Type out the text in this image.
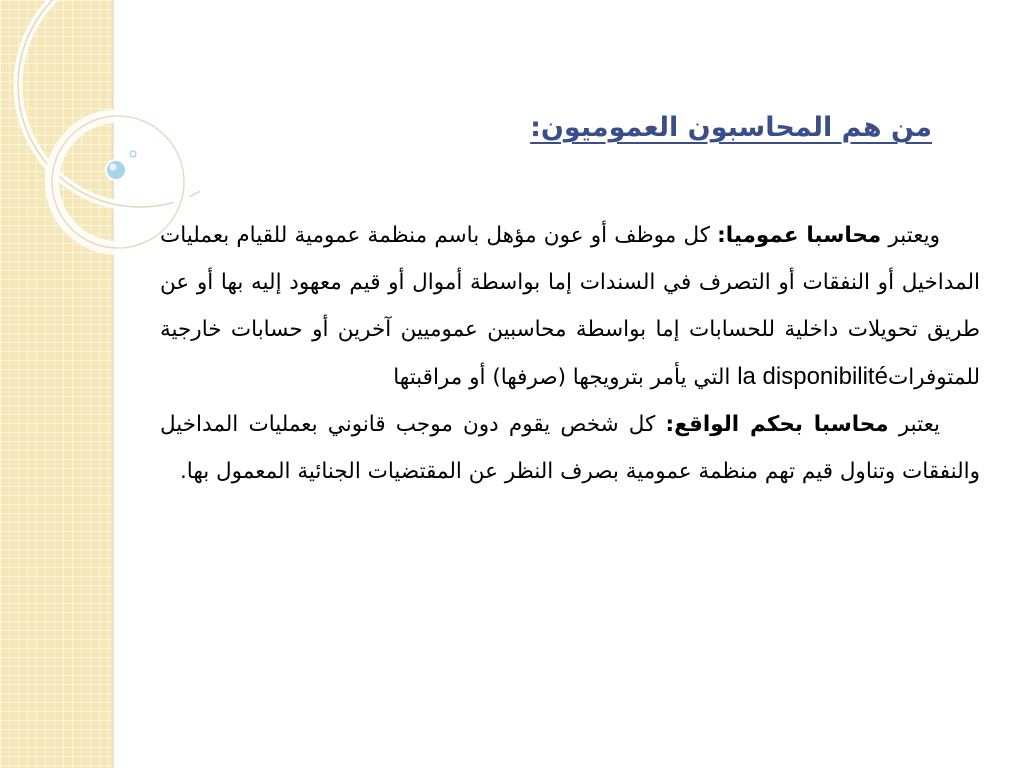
من هم المحاسبون العموميون:

ويعتبر محاسبا عموميا: كل موظف أو عون مؤهل باسم منظمة عمومية للقيام بعمليات المداخيل أو النفقات أو التصرف في السندات إما بواسطة أموال أو قيم معهود إليه بها أو عن طريق تحويلات داخلية للحسابات إما بواسطة محاسبين عموميين آخرين أو حسابات خارجية للمتوفراتla disponibilité التي يأمر بترويجها (صرفها) أو مراقبتها

يعتبر محاسبا بحكم الواقع: كل شخص يقوم دون موجب قانوني بعمليات المداخيل والنفقات وتناول قيم تهم منظمة عمومية بصرف النظر عن المقتضيات الجنائية المعمول بها.
